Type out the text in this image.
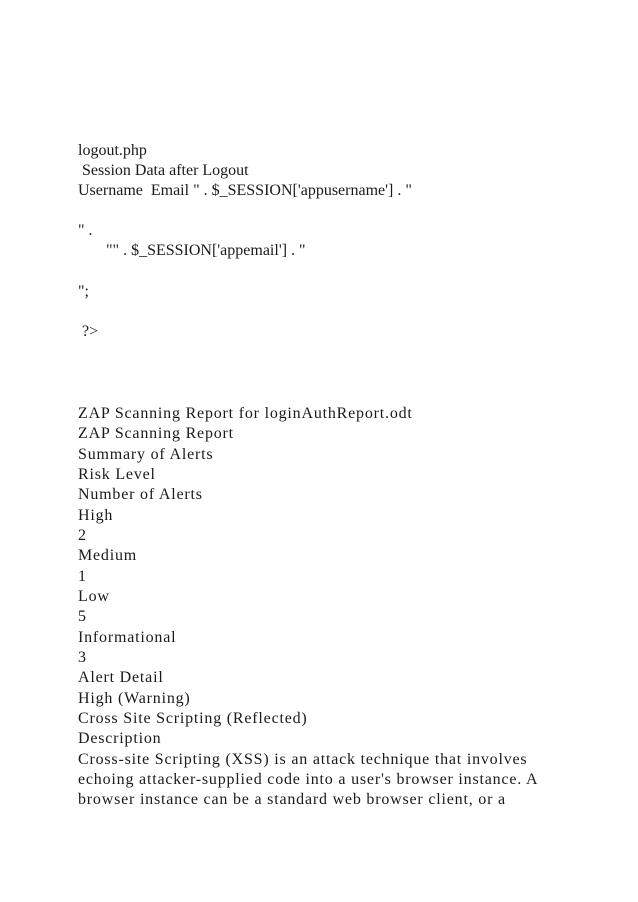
logout.php
Session Data after Logout
Username  Email " . $_SESSION['appusername'] . "
" .
"" . $_SESSION['appemail'] . "
";
?>
ZAP Scanning Report for loginAuthReport.odt
ZAP Scanning Report
Summary of Alerts
Risk Level
Number of Alerts
High
2
Medium
1
Low
5
Informational
3
Alert Detail
High (Warning)
Cross Site Scripting (Reflected)
Description
Cross-site Scripting (XSS) is an attack technique that involves
echoing attacker-supplied code into a user's browser instance. A
browser instance can be a standard web browser client, or a
